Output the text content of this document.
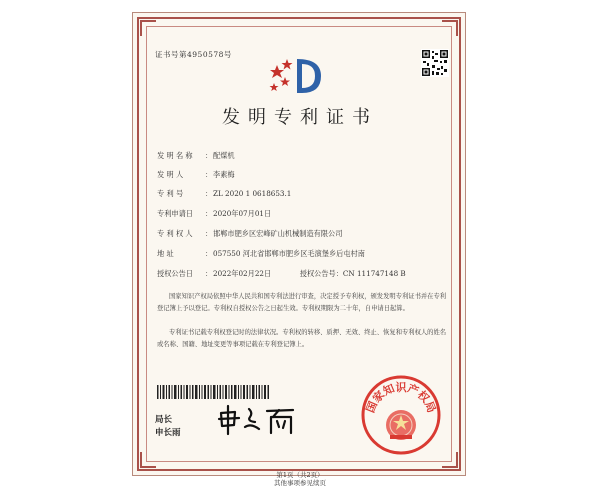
证书号第4950578号
发明专利证书
发 明 名 称 ：配煤机
发 明 人	：李素梅
专 利 号	：ZL 2020 1 0618653.1
专利申请日 ：2020年07月01日
专 利 权 人 ：邯郸市肥乡区宏峰矿山机械制造有限公司
地 址	：057550 河北省邯郸市肥乡区毛演堡乡后屯村南
授权公告日 ：2022年02月22日	授权公告号：CN 111747148 B
国家知识产权局依照中华人民共和国专利法进行审查，决定授予专利权，颁发发明专利证书并在专利登记簿上予以登记。专利权自授权公告之日起生效。专利权期限为二十年，自申请日起算。
专利证书记载专利权登记时的法律状况。专利权的转移、质押、无效、终止、恢复和专利权人的姓名或名称、国籍、地址变更等事项记载在专利登记簿上。
局长
申长雨
国家知识产权局
第1页（共2页）
其他事项参见续页
